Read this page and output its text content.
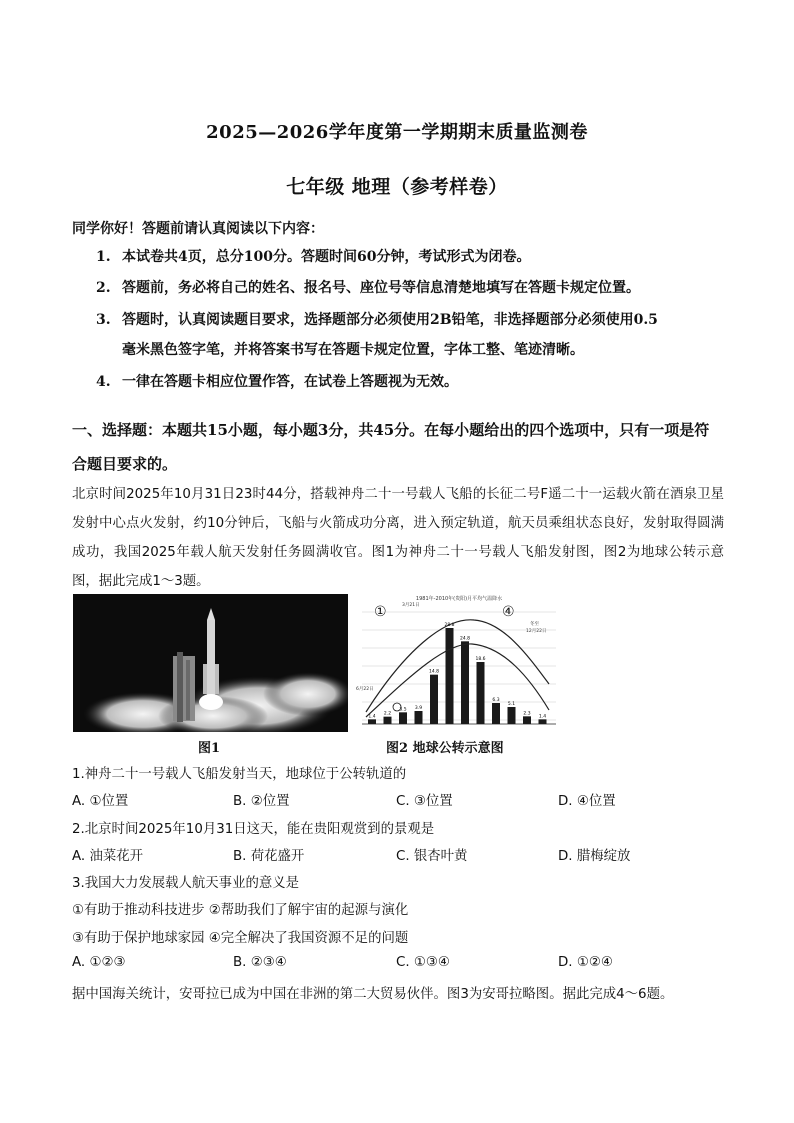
2025—2026学年度第一学期期末质量监测卷
七年级 地理（参考样卷）
同学你好！答题前请认真阅读以下内容：
1. 本试卷共4页，总分100分。答题时间60分钟，考试形式为闭卷。
2. 答题前，务必将自己的姓名、报名号、座位号等信息清楚地填写在答题卡规定位置。
3. 答题时，认真阅读题目要求，选择题部分必须使用2B铅笔，非选择题部分必须使用0.5
毫米黑色签字笔，并将答案书写在答题卡规定位置，字体工整、笔迹清晰。
4. 一律在答题卡相应位置作答，在试卷上答题视为无效。
一、选择题：本题共15小题，每小题3分，共45分。在每小题给出的四个选项中，只有一项是符合题目要求的。
北京时间2025年10月31日23时44分，搭载神舟二十一号载人飞船的长征二号F遥二十一运载火箭在酒泉卫星发射中心点火发射，约10分钟后，飞船与火箭成功分离，进入预定轨道，航天员乘组状态良好，发射取得圆满成功，我国2025年载人航天发射任务圆满收官。图1为神舟二十一号载人飞船发射图，图2为地球公转示意图，据此完成1～3题。
图1
1981年-2010年(贵阳)月平均气温降水
①	④
3月21日
12月22日
冬至
6月22日
1.4
2.2
3.5 3.9
14.8
28.8
24.8
18.6
6.3
5.1
2.3
1.4
图2 地球公转示意图
1.神舟二十一号载人飞船发射当天，地球位于公转轨道的
A. ①位置	B. ②位置	C. ③位置	D. ④位置
2.北京时间2025年10月31日这天，能在贵阳观赏到的景观是
A. 油菜花开	B. 荷花盛开	C. 银杏叶黄	D. 腊梅绽放
3.我国大力发展载人航天事业的意义是
①有助于推动科技进步 ②帮助我们了解宇宙的起源与演化
③有助于保护地球家园 ④完全解决了我国资源不足的问题
A. ①②③	B. ②③④	C. ①③④	D. ①②④
据中国海关统计，安哥拉已成为中国在非洲的第二大贸易伙伴。图3为安哥拉略图。据此完成4～6题。
